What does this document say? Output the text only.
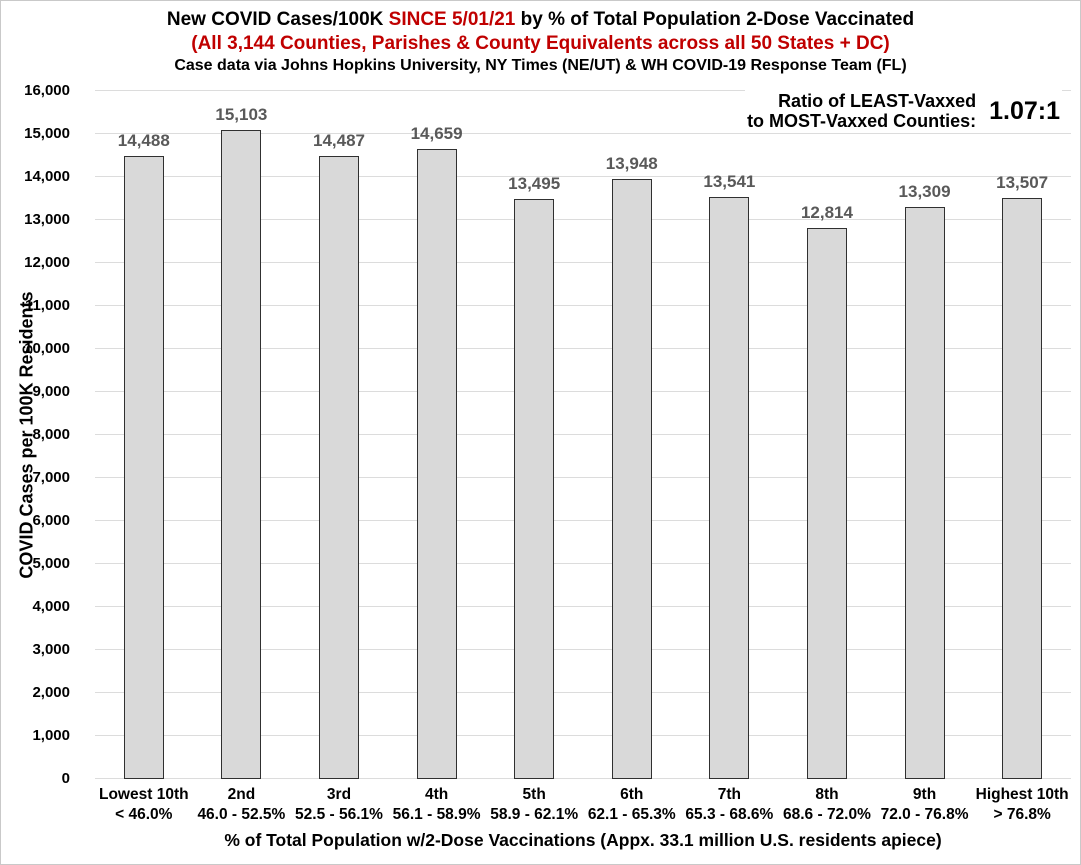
New COVID Cases/100K SINCE 5/01/21 by % of Total Population 2-Dose Vaccinated
(All 3,144 Counties, Parishes & County Equivalents across all 50 States + DC)
Case data via Johns Hopkins University, NY Times (NE/UT) & WH COVID-19 Response Team (FL)
COVID Cases per 100K Residents
0
1,000
2,000
3,000
4,000
5,000
6,000
7,000
8,000
9,000
10,000
11,000
12,000
13,000
14,000
15,000
16,000
14,488
15,103
14,487	14,659
13,495
13,948
13,541
12,814
13,309	13,507
Ratio of LEAST-Vaxxed
to MOST-Vaxxed Counties: 1.07:1
Lowest 10th
< 46.0%
2nd
46.0 - 52.5%
3rd
52.5 - 56.1%
4th
56.1 - 58.9%
5th
58.9 - 62.1%
6th
62.1 - 65.3%
7th
65.3 - 68.6%
8th
68.6 - 72.0%
9th
72.0 - 76.8%
Highest 10th
> 76.8%
% of Total Population w/2-Dose Vaccinations (Appx. 33.1 million U.S. residents apiece)
